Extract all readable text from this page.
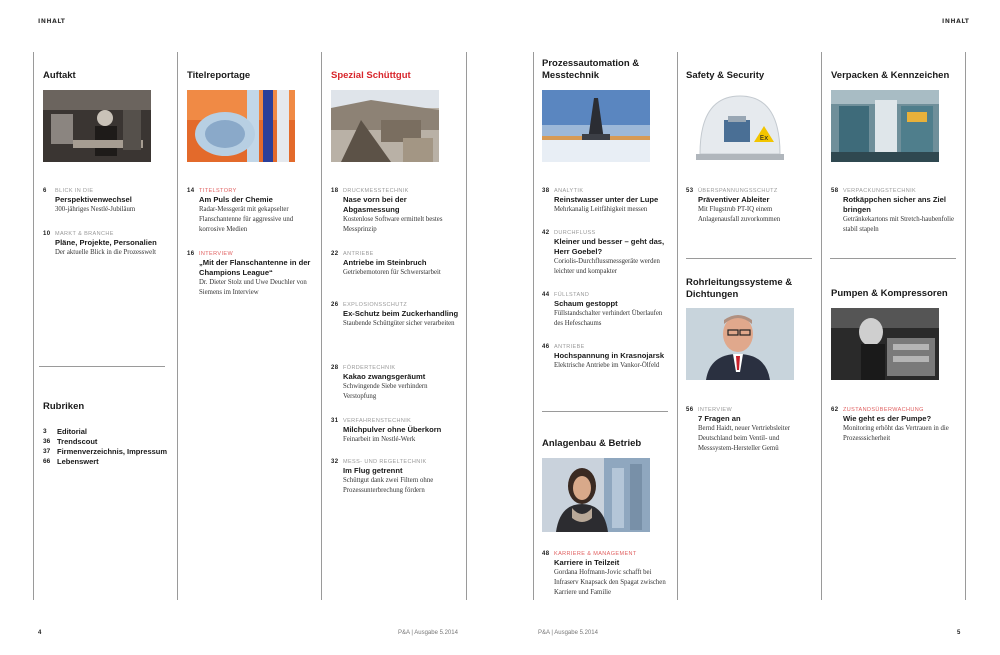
INHALT	INHALT
Auftakt
6 BLICK IN DIE
Perspektivenwechsel
300-jähriges Nestlé-Jubiläum
10 MARKT & BRANCHE
Pläne, Projekte, Personalien
Der aktuelle Blick in die Prozesswelt
Rubriken
3 Editorial
36 Trendscout
37 Firmenverzeichnis, Impressum
66 Lebenswert
Titelreportage
14 TITELSTORY
Am Puls der Chemie
Radar-Messgerät mit gekapselter Flanschantenne für aggressive und korrosive Medien
16 INTERVIEW
„Mit der Flanschantenne in der Champions League“
Dr. Dieter Stolz und Uwe Deuchler von Siemens im Interview
Spezial Schüttgut
18 DRUCKMESSTECHNIK
Nase vorn bei der Abgasmessung
Kostenlose Software ermittelt bestes Messprinzip
22 ANTRIEBE
Antriebe im Steinbruch
Getriebemotoren für Schwerstarbeit
26 EXPLOSIONSSCHUTZ
Ex-Schutz beim Zuckerhandling
Staubende Schüttgüter sicher verarbeiten
28 FÖRDERTECHNIK
Kakao zwangsgeräumt
Schwingende Siebe verhindern Verstopfung
31 VERFAHRENSTECHNIK
Milchpulver ohne Überkorn
Feinarbeit im Nestlé-Werk
32 MESS- UND REGELTECHNIK
Im Flug getrennt
Schüttgut dank zwei Filtern ohne Prozessunterbrechung fördern
Prozessautomation & Messtechnik
38 ANALYTIK
Reinstwasser unter der Lupe
Mehrkanalig Leitfähigkeit messen
42 DURCHFLUSS
Kleiner und besser – geht das, Herr Goebel?
Coriolis-Durchflussmessgeräte werden leichter und kompakter
44 FÜLLSTAND
Schaum gestoppt
Füllstandschalter verhindert Überlaufen des Hefeschaums
46 ANTRIEBE
Hochspannung in Krasnojarsk
Elektrische Antriebe im Vankor-Ölfeld
Anlagenbau & Betrieb
48 KARRIERE & MANAGEMENT
Karriere in Teilzeit
Gordana Hofmann-Jovic schafft bei Infraserv Knapsack den Spagat zwischen Karriere und Familie
Safety & Security
Ex
53 ÜBERSPANNUNGSSCHUTZ
Präventiver Ableiter
Mit Flugstrub PT-IQ einem Anlagenausfall zuvorkommen
Rohrleitungssysteme & Dichtungen
56 INTERVIEW
7 Fragen an
Bernd Haidt, neuer Vertriebsleiter Deutschland beim Ventil- und Messsystem-Hersteller Gemü
Verpacken & Kennzeichen
58 VERPACKUNGSTECHNIK
Rotkäppchen sicher ans Ziel bringen
Getränkekartons mit Stretch-haubenfolie stabil stapeln
Pumpen & Kompressoren
62 ZUSTANDSÜBERWACHUNG
Wie geht es der Pumpe?
Monitoring erhöht das Vertrauen in die Prozesssicherheit
4	P&A | Ausgabe 5.2014	P&A | Ausgabe 5.2014	5
